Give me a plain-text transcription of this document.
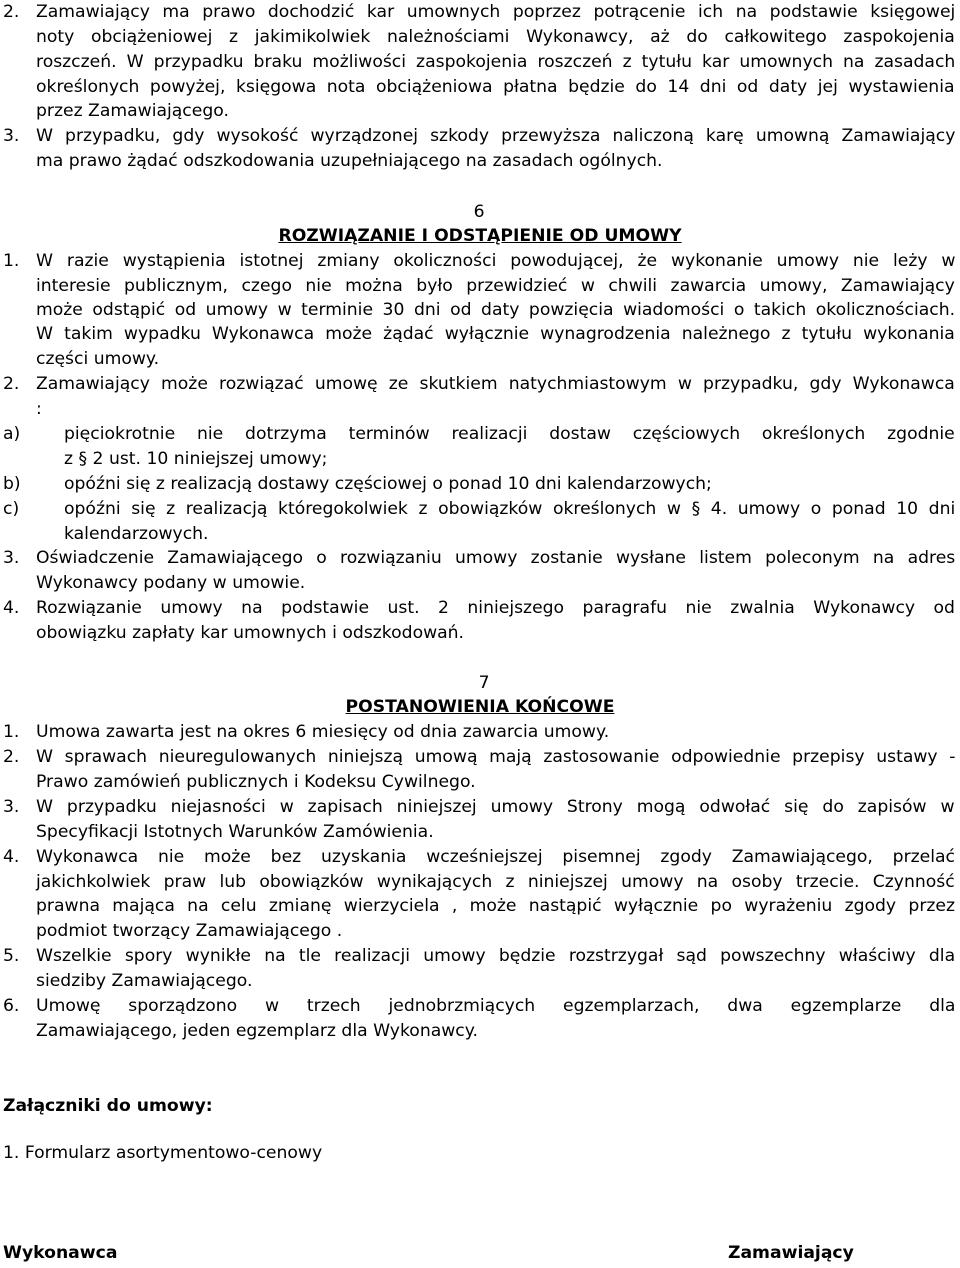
2. Zamawiający ma prawo dochodzić kar umownych poprzez potrącenie ich na podstawie księgowej

noty obciążeniowej z jakimikolwiek należnościami Wykonawcy, aż do całkowitego zaspokojenia

roszczeń. W przypadku braku możliwości zaspokojenia roszczeń z tytułu kar umownych na zasadach

określonych powyżej, księgowa nota obciążeniowa płatna będzie do 14 dni od daty jej wystawienia

przez Zamawiającego.

3. W przypadku, gdy wysokość wyrządzonej szkody przewyższa naliczoną karę umowną Zamawiający

ma prawo żądać odszkodowania uzupełniającego na zasadach ogólnych.

§6

ROZWIĄZANIE I ODSTĄPIENIE OD UMOWY

1. W razie wystąpienia istotnej zmiany okoliczności powodującej, że wykonanie umowy nie leży w

interesie publicznym, czego nie można było przewidzieć w chwili zawarcia umowy, Zamawiający

może odstąpić od umowy w terminie 30 dni od daty powzięcia wiadomości o takich okolicznościach.

W takim wypadku Wykonawca może żądać wyłącznie wynagrodzenia należnego z tytułu wykonania

części umowy.

2. Zamawiający może rozwiązać umowę ze skutkiem natychmiastowym w przypadku, gdy Wykonawca

:

a)	pięciokrotnie nie dotrzyma terminów realizacji dostaw częściowych określonych zgodnie

z § 2 ust. 10 niniejszej umowy;

b)	opóźni się z realizacją dostawy częściowej o ponad 10 dni kalendarzowych;

c)	opóźni się z realizacją któregokolwiek z obowiązków określonych w § 4. umowy o ponad 10 dni

kalendarzowych.

3. Oświadczenie Zamawiającego o rozwiązaniu umowy zostanie wysłane listem poleconym na adres

Wykonawcy podany w umowie.

4. Rozwiązanie umowy na podstawie ust. 2 niniejszego paragrafu nie zwalnia Wykonawcy od

obowiązku zapłaty kar umownych i odszkodowań.

§7

POSTANOWIENIA KOŃCOWE

1. Umowa zawarta jest na okres 6 miesięcy od dnia zawarcia umowy.

2. W sprawach nieuregulowanych niniejszą umową mają zastosowanie odpowiednie przepisy ustawy -

Prawo zamówień publicznych i Kodeksu Cywilnego.

3. W przypadku niejasności w zapisach niniejszej umowy Strony mogą odwołać się do zapisów w

Specyfikacji Istotnych Warunków Zamówienia.

4. Wykonawca nie może bez uzyskania wcześniejszej pisemnej zgody Zamawiającego, przelać

jakichkolwiek praw lub obowiązków wynikających z niniejszej umowy na osoby trzecie. Czynność

prawna mająca na celu zmianę wierzyciela , może nastąpić wyłącznie po wyrażeniu zgody przez

podmiot tworzący Zamawiającego .

5. Wszelkie spory wynikłe na tle realizacji umowy będzie rozstrzygał sąd powszechny właściwy dla

siedziby Zamawiającego.

6. Umowę sporządzono w trzech jednobrzmiących egzemplarzach, dwa egzemplarze dla

Zamawiającego, jeden egzemplarz dla Wykonawcy.

Załączniki do umowy:

1. Formularz asortymentowo-cenowy

Wykonawca	Zamawiający
